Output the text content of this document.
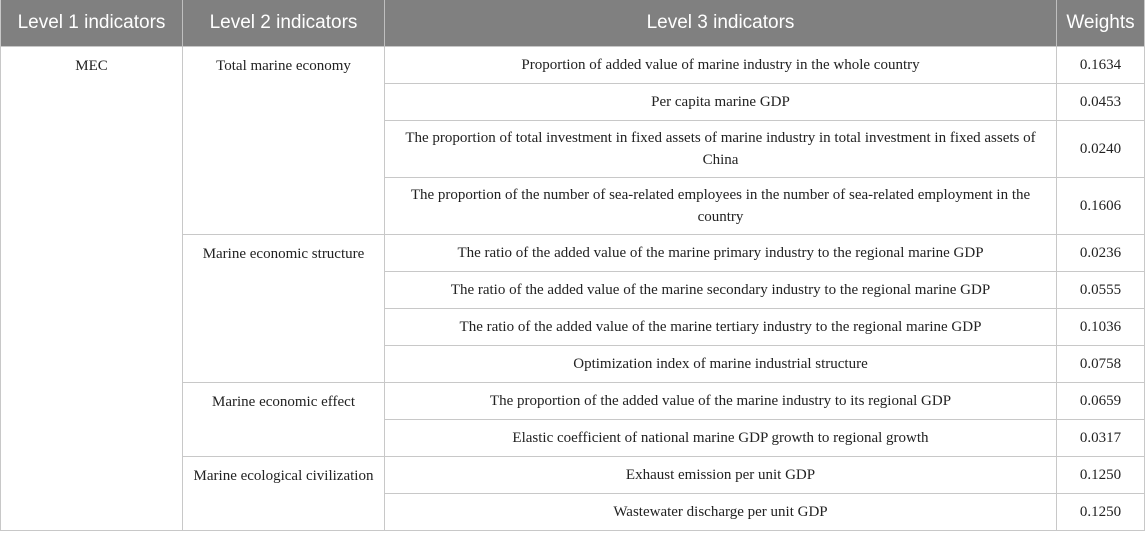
Level 1 indicators	Level 2 indicators	Level 3 indicators	Weights
MEC	Total marine economy	Proportion of added value of marine industry in the whole country	0.1634
		Per capita marine GDP	0.0453
		The proportion of total investment in fixed assets of marine industry in total investment in fixed assets of China	0.0240
		The proportion of the number of sea-related employees in the number of sea-related employment in the country	0.1606
	Marine economic structure	The ratio of the added value of the marine primary industry to the regional marine GDP	0.0236
		The ratio of the added value of the marine secondary industry to the regional marine GDP	0.0555
		The ratio of the added value of the marine tertiary industry to the regional marine GDP	0.1036
		Optimization index of marine industrial structure	0.0758
	Marine economic effect	The proportion of the added value of the marine industry to its regional GDP	0.0659
		Elastic coefficient of national marine GDP growth to regional growth	0.0317
	Marine ecological civilization	Exhaust emission per unit GDP	0.1250
		Wastewater discharge per unit GDP	0.1250
